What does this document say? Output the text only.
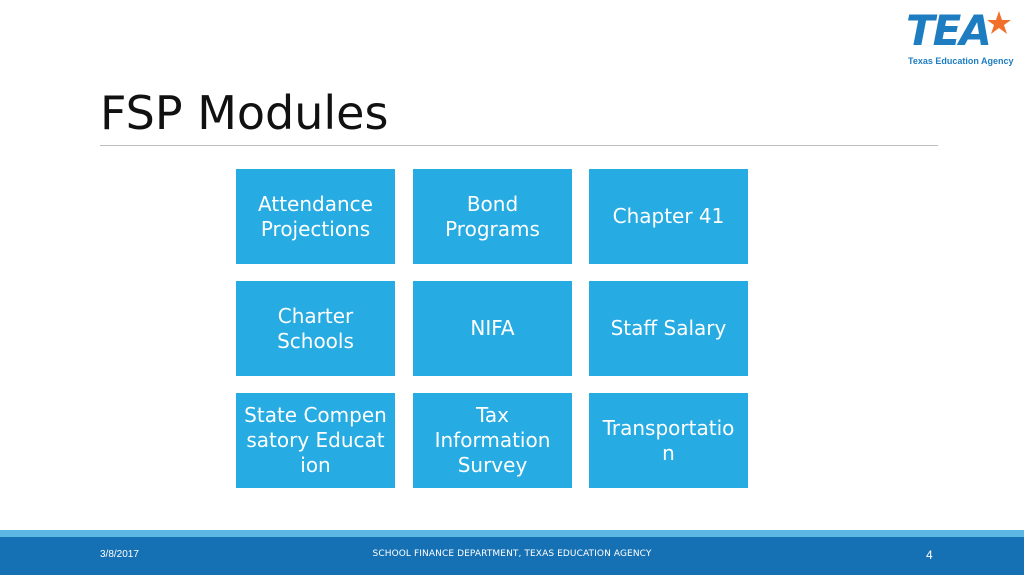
TEA
Texas Education Agency
FSP Modules
Attendance Projections
Bond Programs
Chapter 41
Charter Schools
NIFA	Staff Salary
State Compensatory Education
Tax Information Survey
Transportation
3/8/2017	SCHOOL FINANCE DEPARTMENT, TEXAS EDUCATION AGENCY	4
